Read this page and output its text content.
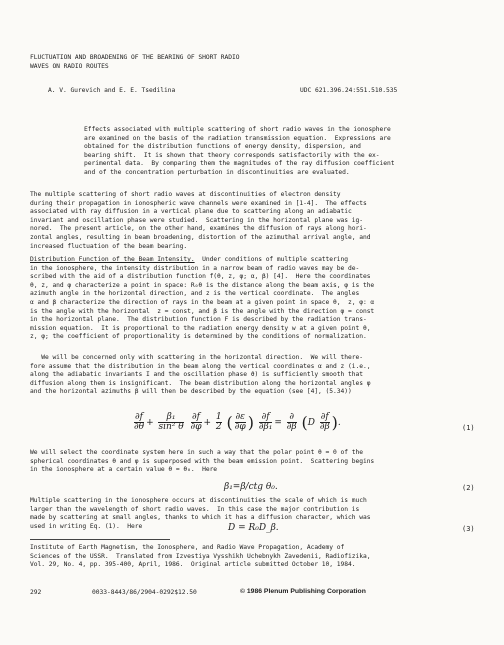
FLUCTUATION AND BROADENING OF THE BEARING OF SHORT RADIO
WAVES ON RADIO ROUTES
A. V. Gurevich and E. E. Tsedilina	UDC 621.396.24:551.510.535
Effects associated with multiple scattering of short radio waves in the ionosphere
are examined on the basis of the radiation transmission equation.  Expressions are
obtained for the distribution functions of energy density, dispersion, and
bearing shift.  It is shown that theory corresponds satisfactorily with the ex-
perimental data.  By comparing them the magnitudes of the ray diffusion coefficient
and of the concentration perturbation in discontinuities are evaluated.
The multiple scattering of short radio waves at discontinuities of electron density
during their propagation in ionospheric wave channels were examined in [1-4].  The effects
associated with ray diffusion in a vertical plane due to scattering along an adiabatic
invariant and oscillation phase were studied.  Scattering in the horizontal plane was ig-
nored.  The present article, on the other hand, examines the diffusion of rays along hori-
zontal angles, resulting in beam broadening, distortion of the azimuthal arrival angle, and
increased fluctuation of the beam bearing.
Distribution Function of the Beam Intensity.  Under conditions of multiple scattering
in the ionosphere, the intensity distribution in a narrow beam of radio waves may be de-
scribed with the aid of a distribution function f(θ, z, φ; α, β) [4].  Here the coordinates
θ, z, and φ characterize a point in space: R₀θ is the distance along the beam axis, φ is the
azimuth angle in the horizontal direction, and z is the vertical coordinate.  The angles
α and β characterize the direction of rays in the beam at a given point in space θ,  z, φ: α
is the angle with the horizontal  z = const, and β is the angle with the direction φ = const
in the horizontal plane.  The distribution function F is described by the radiation trans-
mission equation.  It is proportional to the radiation energy density w at a given point θ,
z, φ; the coefficient of proportionality is determined by the conditions of normalization.
We will be concerned only with scattering in the horizontal direction.  We will there-
fore assume that the distribution in the beam along the vertical coordinates α and z (i.e.,
along the adiabatic invariants I and the oscillation phase ϑ) is sufficiently smooth that
diffusion along them is insignificant.  The beam distribution along the horizontal angles φ
and the horizontal azimuths β will then be described by the equation (see [4], (5.34))
$\frac{\partial f}{\partial\theta} + \frac{\text{β₁}}{\text{sin² θ}}$
$\frac{\partial f}{\partial\varphi} + \frac{1}{2}$ ( $\frac{\partial\varepsilon}{\partial\varphi}$ ) $\frac{\partial f}{\text{∂β₁}} = \frac{\partial}{\partial\beta} (D \frac{\partial f}{\partial\beta}$ ).	(1)
We will select the coordinate system here in such a way that the polar point θ = 0 of the
spherical coordinates θ and φ is superposed with the beam emission point.  Scattering begins
in the ionosphere at a certain value θ = θ₀.  Here
β₁=β/ctg θ₀.	(2)
Multiple scattering in the ionosphere occurs at discontinuities the scale of which is much
larger than the wavelength of short radio waves.  In this case the major contribution is
made by scattering at small angles, thanks to which it has a diffusion character, which was
used in writing Eq. (1).  Here	D = R₀D_β.	(3)
Institute of Earth Magnetism, the Ionosphere, and Radio Wave Propagation, Academy of
Sciences of the USSR.  Translated from Izvestiya Vysshikh Uchebnykh Zavedenii, Radiofizika,
Vol. 29, No. 4, pp. 395-400, April, 1986.  Original article submitted October 10, 1984.
292	0033-8443/86/2904-0292$12.50	© 1986 Plenum Publishing Corporation
